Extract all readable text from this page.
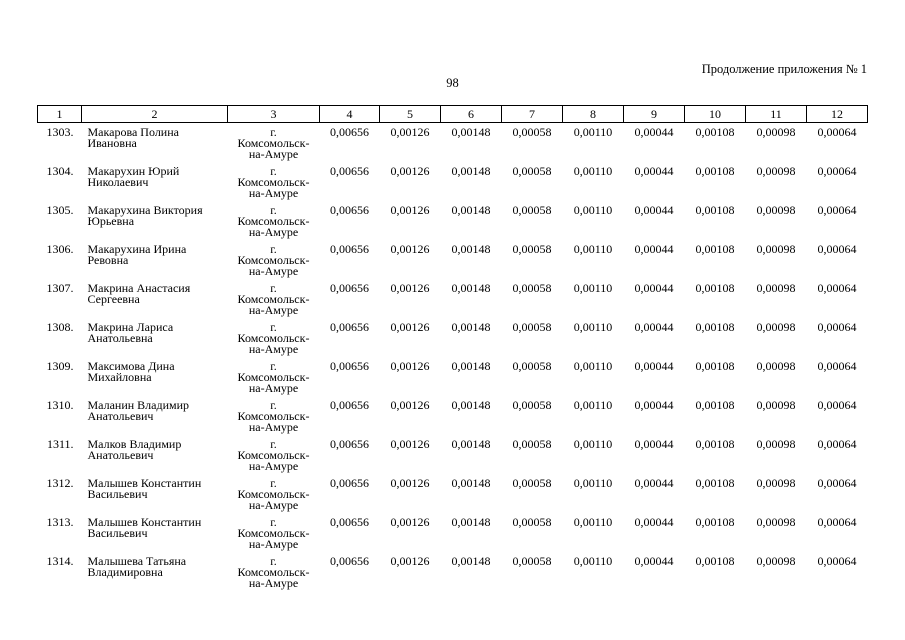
Продолжение приложения № 1
98
1	2	3	4	5	6	7	8	9	10	11	12
1303.	Макарова Полина
Ивановна	г.
Комсомольск-
на-Амуре	0,00656	0,00126	0,00148	0,00058	0,00110	0,00044	0,00108	0,00098	0,00064
1304.	Макарухин Юрий
Николаевич	г.
Комсомольск-
на-Амуре	0,00656	0,00126	0,00148	0,00058	0,00110	0,00044	0,00108	0,00098	0,00064
1305.	Макарухина Виктория
Юрьевна	г.
Комсомольск-
на-Амуре	0,00656	0,00126	0,00148	0,00058	0,00110	0,00044	0,00108	0,00098	0,00064
1306.	Макарухина Ирина
Ревовна	г.
Комсомольск-
на-Амуре	0,00656	0,00126	0,00148	0,00058	0,00110	0,00044	0,00108	0,00098	0,00064
1307.	Макрина Анастасия
Сергеевна	г.
Комсомольск-
на-Амуре	0,00656	0,00126	0,00148	0,00058	0,00110	0,00044	0,00108	0,00098	0,00064
1308.	Макрина Лариса
Анатольевна	г.
Комсомольск-
на-Амуре	0,00656	0,00126	0,00148	0,00058	0,00110	0,00044	0,00108	0,00098	0,00064
1309.	Максимова Дина
Михайловна	г.
Комсомольск-
на-Амуре	0,00656	0,00126	0,00148	0,00058	0,00110	0,00044	0,00108	0,00098	0,00064
1310.	Маланин Владимир
Анатольевич	г.
Комсомольск-
на-Амуре	0,00656	0,00126	0,00148	0,00058	0,00110	0,00044	0,00108	0,00098	0,00064
1311.	Малков Владимир
Анатольевич	г.
Комсомольск-
на-Амуре	0,00656	0,00126	0,00148	0,00058	0,00110	0,00044	0,00108	0,00098	0,00064
1312.	Малышев Константин
Васильевич	г.
Комсомольск-
на-Амуре	0,00656	0,00126	0,00148	0,00058	0,00110	0,00044	0,00108	0,00098	0,00064
1313.	Малышев Константин
Васильевич	г.
Комсомольск-
на-Амуре	0,00656	0,00126	0,00148	0,00058	0,00110	0,00044	0,00108	0,00098	0,00064
1314.	Малышева Татьяна
Владимировна	г.
Комсомольск-
на-Амуре	0,00656	0,00126	0,00148	0,00058	0,00110	0,00044	0,00108	0,00098	0,00064
